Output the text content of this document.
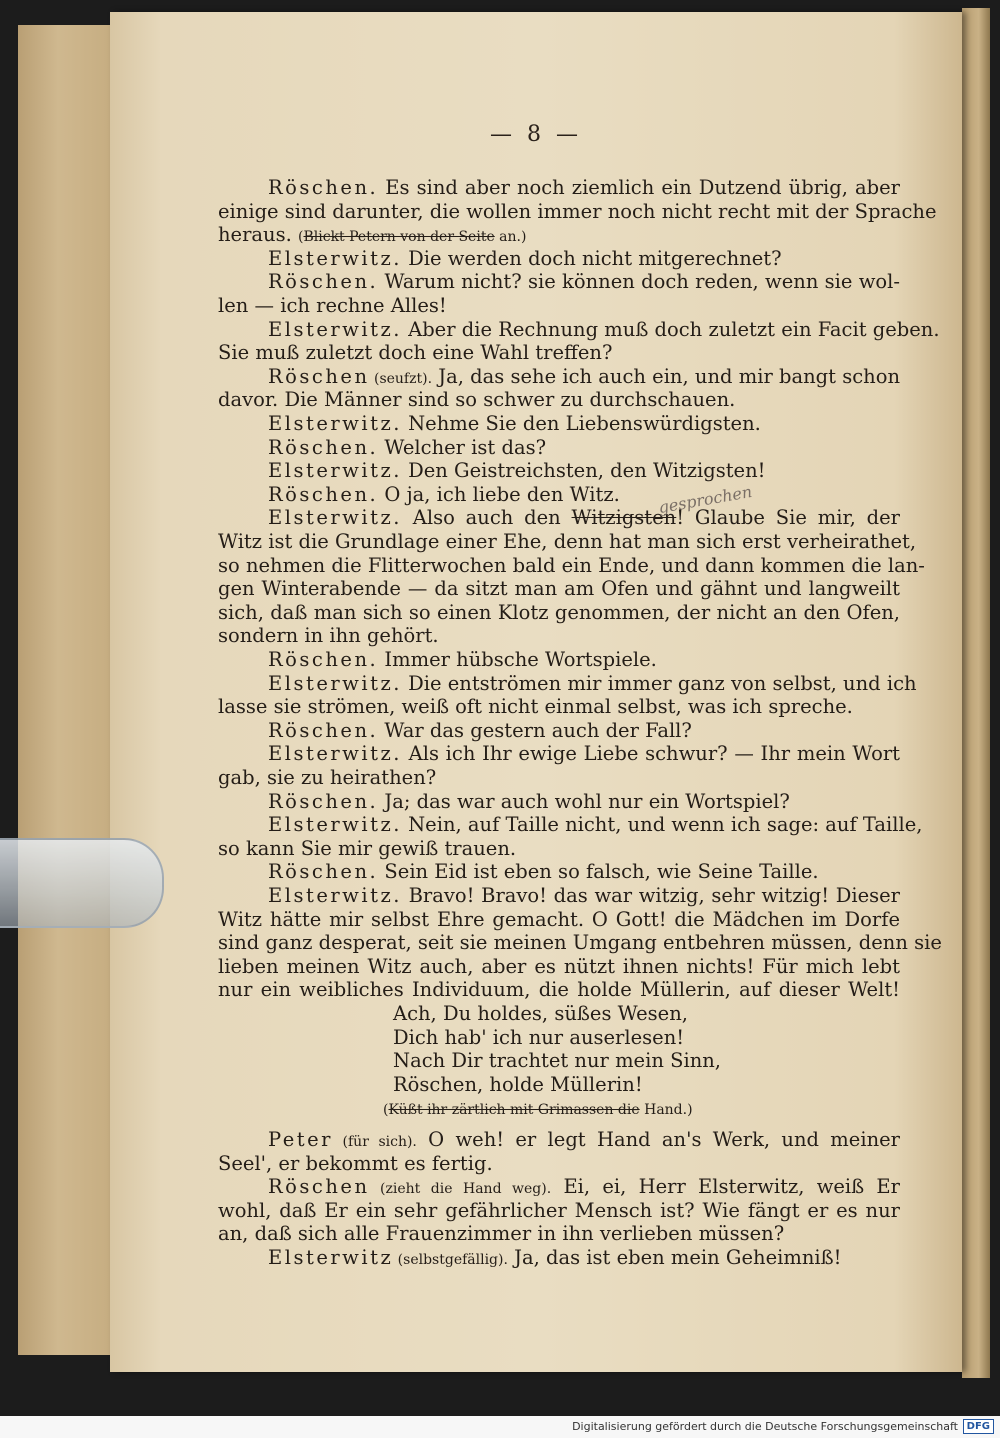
— 8 —
Röschen. Es sind aber noch ziemlich ein Dutzend übrig, aber
einige sind darunter, die wollen immer noch nicht recht mit der Sprache
heraus. (Blickt Petern von der Seite an.)
Elsterwitz. Die werden doch nicht mitgerechnet?
Röschen. Warum nicht? sie können doch reden, wenn sie wol-
len — ich rechne Alles!
Elsterwitz. Aber die Rechnung muß doch zuletzt ein Facit geben.
Sie muß zuletzt doch eine Wahl treffen?
Röschen (seufzt). Ja, das sehe ich auch ein, und mir bangt schon
davor. Die Männer sind so schwer zu durchschauen.
Elsterwitz. Nehme Sie den Liebenswürdigsten.
Röschen. Welcher ist das?
Elsterwitz. Den Geistreichsten, den Witzigsten!
Röschen. O ja, ich liebe den Witz.
Elsterwitz. Also auch den Witzigsten! Glaube Sie mir, der
Witz ist die Grundlage einer Ehe, denn hat man sich erst verheirathet,
so nehmen die Flitterwochen bald ein Ende, und dann kommen die lan-
gen Winterabende — da sitzt man am Ofen und gähnt und langweilt
sich, daß man sich so einen Klotz genommen, der nicht an den Ofen,
sondern in ihn gehört.
Röschen. Immer hübsche Wortspiele.
Elsterwitz. Die entströmen mir immer ganz von selbst, und ich
lasse sie strömen, weiß oft nicht einmal selbst, was ich spreche.
Röschen. War das gestern auch der Fall?
Elsterwitz. Als ich Ihr ewige Liebe schwur? — Ihr mein Wort
gab, sie zu heirathen?
Röschen. Ja; das war auch wohl nur ein Wortspiel?
Elsterwitz. Nein, auf Taille nicht, und wenn ich sage: auf Taille,
so kann Sie mir gewiß trauen.
Röschen. Sein Eid ist eben so falsch, wie Seine Taille.
Elsterwitz. Bravo! Bravo! das war witzig, sehr witzig! Dieser
Witz hätte mir selbst Ehre gemacht. O Gott! die Mädchen im Dorfe
sind ganz desperat, seit sie meinen Umgang entbehren müssen, denn sie
lieben meinen Witz auch, aber es nützt ihnen nichts! Für mich lebt
nur ein weibliches Individuum, die holde Müllerin, auf dieser Welt!
Ach, Du holdes, süßes Wesen,
Dich hab' ich nur auserlesen!
Nach Dir trachtet nur mein Sinn,
Röschen, holde Müllerin!
(Küßt ihr zärtlich mit Grimassen die Hand.)
Peter (für sich). O weh! er legt Hand an's Werk, und meiner
Seel', er bekommt es fertig.
Röschen (zieht die Hand weg). Ei, ei, Herr Elsterwitz, weiß Er
wohl, daß Er ein sehr gefährlicher Mensch ist? Wie fängt er es nur
an, daß sich alle Frauenzimmer in ihn verlieben müssen?
Elsterwitz (selbstgefällig). Ja, das ist eben mein Geheimniß!
gesprochen
Digitalisierung gefördert durch die Deutsche Forschungsgemeinschaft DFG
